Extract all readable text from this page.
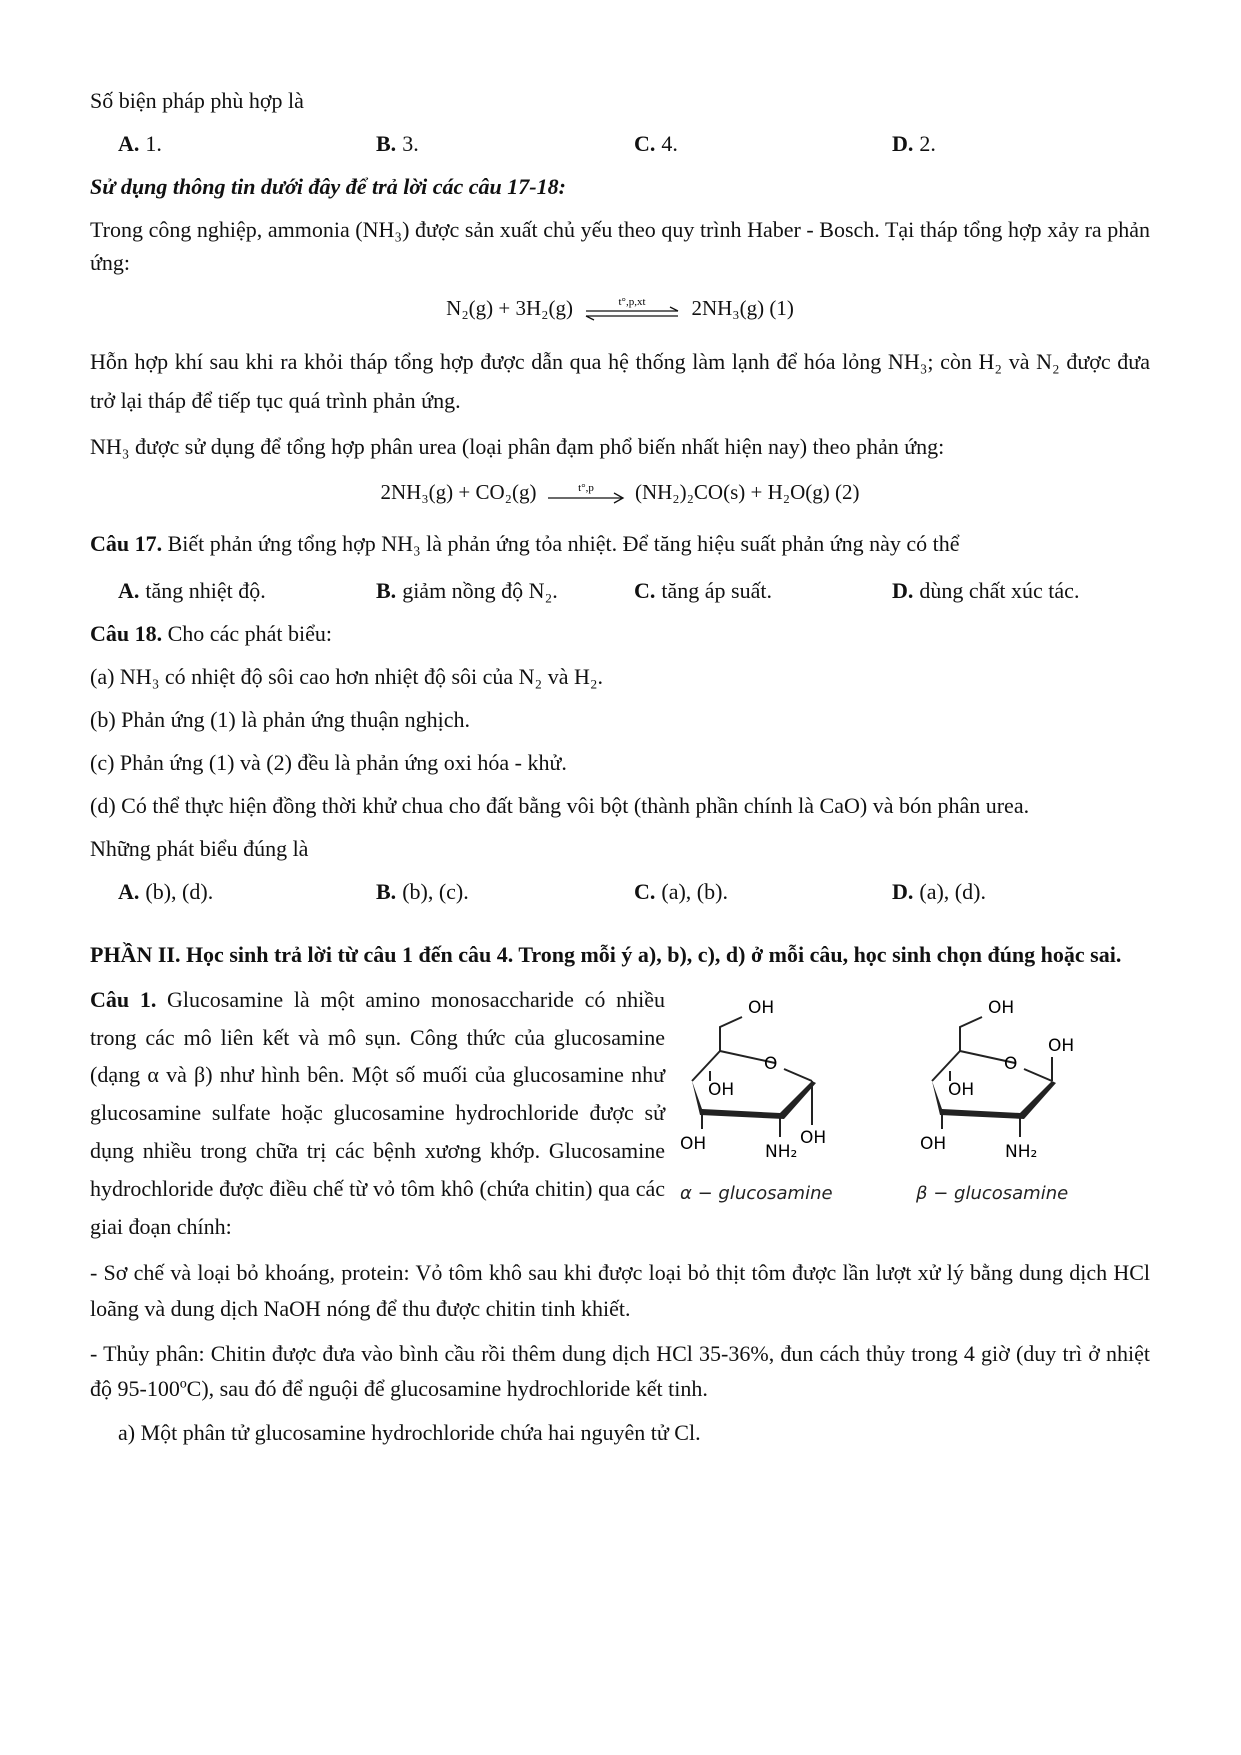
Số biện pháp phù hợp là

A. 1.	B. 3.	C. 4.	D. 2.

Sử dụng thông tin dưới đây để trả lời các câu 17-18:

Trong công nghiệp, ammonia (NH₃) được sản xuất chủ yếu theo quy trình Haber - Bosch. Tại tháp tổng hợp xảy ra phản ứng:

N₂(g) + 3H₂(g)	t°,p,xt 2NH₃(g) (1)

Hỗn hợp khí sau khi ra khỏi tháp tổng hợp được dẫn qua hệ thống làm lạnh để hóa lỏng NH₃; còn H₂ và N₂ được đưa trở lại tháp để tiếp tục quá trình phản ứng.

NH₃ được sử dụng để tổng hợp phân urea (loại phân đạm phổ biến nhất hiện nay) theo phản ứng:

2NH₃(g) + CO₂(g)	t°,p (NH₂)₂CO(s) + H₂O(g) (2)

Câu 17. Biết phản ứng tổng hợp NH₃ là phản ứng tỏa nhiệt. Để tăng hiệu suất phản ứng này có thể

A. tăng nhiệt độ.	B. giảm nồng độ N₂.	C. tăng áp suất.	D. dùng chất xúc tác.

Câu 18. Cho các phát biểu:

(a) NH₃ có nhiệt độ sôi cao hơn nhiệt độ sôi của N₂ và H₂.

(b) Phản ứng (1) là phản ứng thuận nghịch.

(c) Phản ứng (1) và (2) đều là phản ứng oxi hóa - khử.

(d) Có thể thực hiện đồng thời khử chua cho đất bằng vôi bột (thành phần chính là CaO) và bón phân urea.

Những phát biểu đúng là

A. (b), (d).	B. (b), (c).	C. (a), (b).	D. (a), (d).

PHẦN II. Học sinh trả lời từ câu 1 đến câu 4. Trong mỗi ý a), b), c), d) ở mỗi câu, học sinh chọn đúng hoặc sai.

Câu 1. Glucosamine là một amino monosaccharide có nhiều trong các mô liên kết và mô sụn. Công thức của glucosamine (dạng α và β) như hình bên. Một số muối của glucosamine như glucosamine sulfate hoặc glucosamine hydrochloride được sử dụng nhiều trong chữa trị các bệnh xương khớp. Glucosamine hydrochloride được điều chế từ vỏ tôm khô (chứa chitin) qua các giai đoạn chính:

OH
O
OH
OH
NH₂
OH
α − glucosamine
OH
O
OH
OH
OH
NH₂
β − glucosamine

- Sơ chế và loại bỏ khoáng, protein: Vỏ tôm khô sau khi được loại bỏ thịt tôm được lần lượt xử lý bằng dung dịch HCl loãng và dung dịch NaOH nóng để thu được chitin tinh khiết.

- Thủy phân: Chitin được đưa vào bình cầu rồi thêm dung dịch HCl 35-36%, đun cách thủy trong 4 giờ (duy trì ở nhiệt độ 95-100ºC), sau đó để nguội để glucosamine hydrochloride kết tinh.

a) Một phân tử glucosamine hydrochloride chứa hai nguyên tử Cl.
